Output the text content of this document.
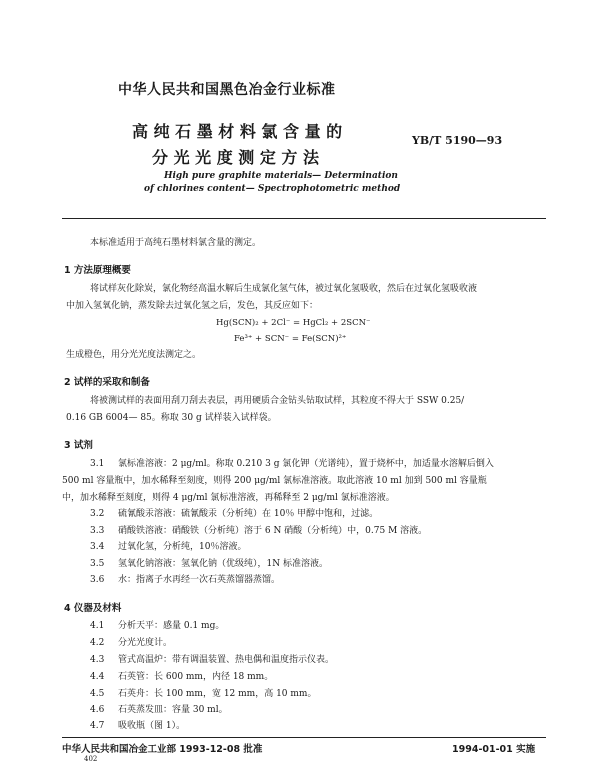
中华人民共和国黑色冶金行业标准
高 纯 石 墨 材 料 氯 含 量 的
分 光 光 度 测 定 方 法
YB/T 5190—93
High pure graphite materials— Determination
of chlorines content— Spectrophotometric method
本标准适用于高纯石墨材料氯含量的测定。
1 方法原理概要
将试样灰化除炭，氯化物经高温水解后生成氯化氢气体，被过氧化氢吸收，然后在过氧化氢吸收液
中加入氢氧化钠，蒸发除去过氧化氢之后，发色，其反应如下：
Hg(SCN)₂ + 2Cl⁻ = HgCl₂ + 2SCN⁻
Fe³⁺ + SCN⁻ = Fe(SCN)²⁺
生成橙色，用分光光度法测定之。
2 试样的采取和制备
将被测试样的表面用刮刀刮去表层，再用硬质合金钻头钻取试样，其粒度不得大于 SSW 0.25/
0.16 GB 6004— 85。称取 30 g 试样装入试样袋。
3 试剂
3.1 氯标准溶液：2 μg/ml。称取 0.210 3 g 氯化钾（光谱纯），置于烧杯中，加适量水溶解后倒入
500 ml 容量瓶中，加水稀释至刻度，则得 200 μg/ml 氯标准溶液。取此溶液 10 ml 加到 500 ml 容量瓶
中，加水稀释至刻度，则得 4 μg/ml 氯标准溶液，再稀释至 2 μg/ml 氯标准溶液。
3.2 硫氰酸汞溶液：硫氰酸汞（分析纯）在 10％ 甲醇中饱和，过滤。
3.3 硝酸铁溶液：硝酸铁（分析纯）溶于 6 N 硝酸（分析纯）中，0.75 M 溶液。
3.4 过氧化氢，分析纯，10％溶液。
3.5 氢氧化钠溶液：氢氧化钠（优级纯），1N 标准溶液。
3.6 水：指离子水再经一次石英蒸馏器蒸馏。
4 仪器及材料
4.1 分析天平：感量 0.1 mg。
4.2 分光光度计。
4.3 管式高温炉：带有调温装置、热电偶和温度指示仪表。
4.4 石英管：长 600 mm，内径 18 mm。
4.5 石英舟：长 100 mm，宽 12 mm，高 10 mm。
4.6 石英蒸发皿：容量 30 ml。
4.7 吸收瓶（图 1）。
中华人民共和国冶金工业部 1993-12-08 批准	1994-01-01 实施
402
